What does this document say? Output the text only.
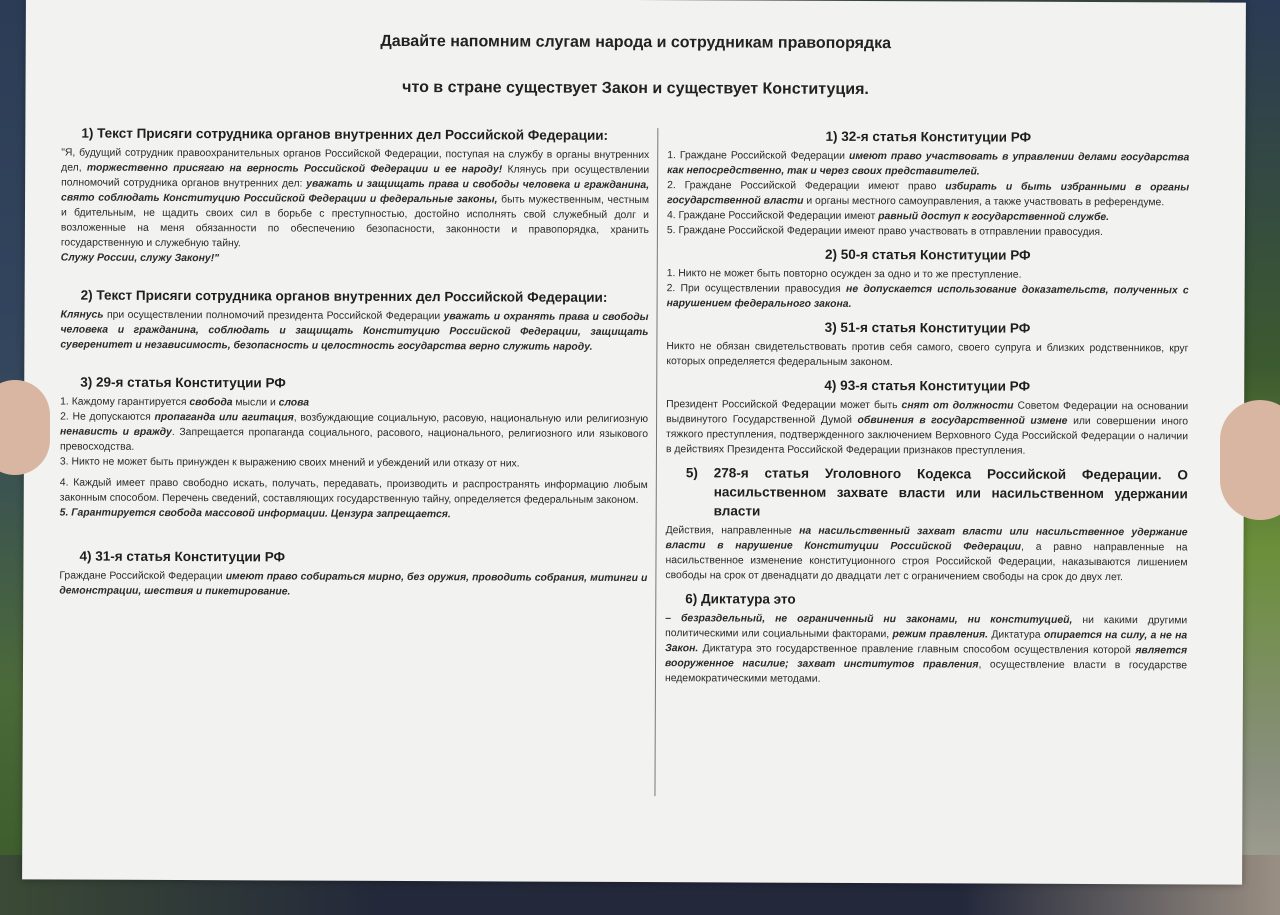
Давайте напомним слугам народа и сотрудникам правопорядка
что в стране существует Закон и существует Конституция.
1) Текст Присяги сотрудника органов внутренних дел Российской Федерации:

"Я, будущий сотрудник правоохранительных органов Российской Федерации, поступая на службу в органы внутренних дел, торжественно присягаю на верность Российской Федерации и ее народу! Клянусь при осуществлении полномочий сотрудника органов внутренних дел: уважать и защищать права и свободы человека и гражданина, свято соблюдать Конституцию Российской Федерации и федеральные законы, быть мужественным, честным и бдительным, не щадить своих сил в борьбе с преступностью, достойно исполнять свой служебный долг и возложенные на меня обязанности по обеспечению безопасности, законности и правопорядка, хранить государственную и служебную тайну.

Служу России, служу Закону!"

2) Текст Присяги сотрудника органов внутренних дел Российской Федерации:

Клянусь при осуществлении полномочий президента Российской Федерации уважать и охранять права и свободы человека и гражданина, соблюдать и защищать Конституцию Российской Федерации, защищать суверенитет и независимость, безопасность и целостность государства верно служить народу.

3) 29-я статья Конституции РФ

1. Каждому гарантируется свобода мысли и слова

2. Не допускаются пропаганда или агитация, возбуждающие социальную, расовую, национальную или религиозную ненависть и вражду. Запрещается пропаганда социального, расового, национального, религиозного или языкового превосходства.

3. Никто не может быть принужден к выражению своих мнений и убеждений или отказу от них.

4. Каждый имеет право свободно искать, получать, передавать, производить и распространять информацию любым законным способом. Перечень сведений, составляющих государственную тайну, определяется федеральным законом.

5. Гарантируется свобода массовой информации. Цензура запрещается.

4) 31-я статья Конституции РФ

Граждане Российской Федерации имеют право собираться мирно, без оружия, проводить собрания, митинги и демонстрации, шествия и пикетирование.

1) 32-я статья Конституции РФ

1. Граждане Российской Федерации имеют право участвовать в управлении делами государства как непосредственно, так и через своих представителей.

2. Граждане Российской Федерации имеют право избирать и быть избранными в органы государственной власти и органы местного самоуправления, а также участвовать в референдуме.

4. Граждане Российской Федерации имеют равный доступ к государственной службе.

5. Граждане Российской Федерации имеют право участвовать в отправлении правосудия.

2) 50-я статья Конституции РФ

1. Никто не может быть повторно осужден за одно и то же преступление.

2. При осуществлении правосудия не допускается использование доказательств, полученных с нарушением федерального закона.

3) 51-я статья Конституции РФ

Никто не обязан свидетельствовать против себя самого, своего супруга и близких родственников, круг которых определяется федеральным законом.

4) 93-я статья Конституции РФ

Президент Российской Федерации может быть снят от должности Советом Федерации на основании выдвинутого Государственной Думой обвинения в государственной измене или совершении иного тяжкого преступления, подтвержденного заключением Верховного Суда Российской Федерации о наличии в действиях Президента Российской Федерации признаков преступления.

5) 278-я статья Уголовного Кодекса Российской Федерации. О насильственном захвате власти или насильственном удержании власти

Действия, направленные на насильственный захват власти или насильственное удержание власти в нарушение Конституции Российской Федерации, а равно направленные на насильственное изменение конституционного строя Российской Федерации, наказываются лишением свободы на срок от двенадцати до двадцати лет с ограничением свободы на срок до двух лет.

6) Диктатура это

– безраздельный, не ограниченный ни законами, ни конституцией, ни какими другими политическими или социальными факторами, режим правления. Диктатура опирается на силу, а не на Закон. Диктатура это государственное правление главным способом осуществления которой является вооруженное насилие; захват институтов правления, осуществление власти в государстве недемократическими методами.
